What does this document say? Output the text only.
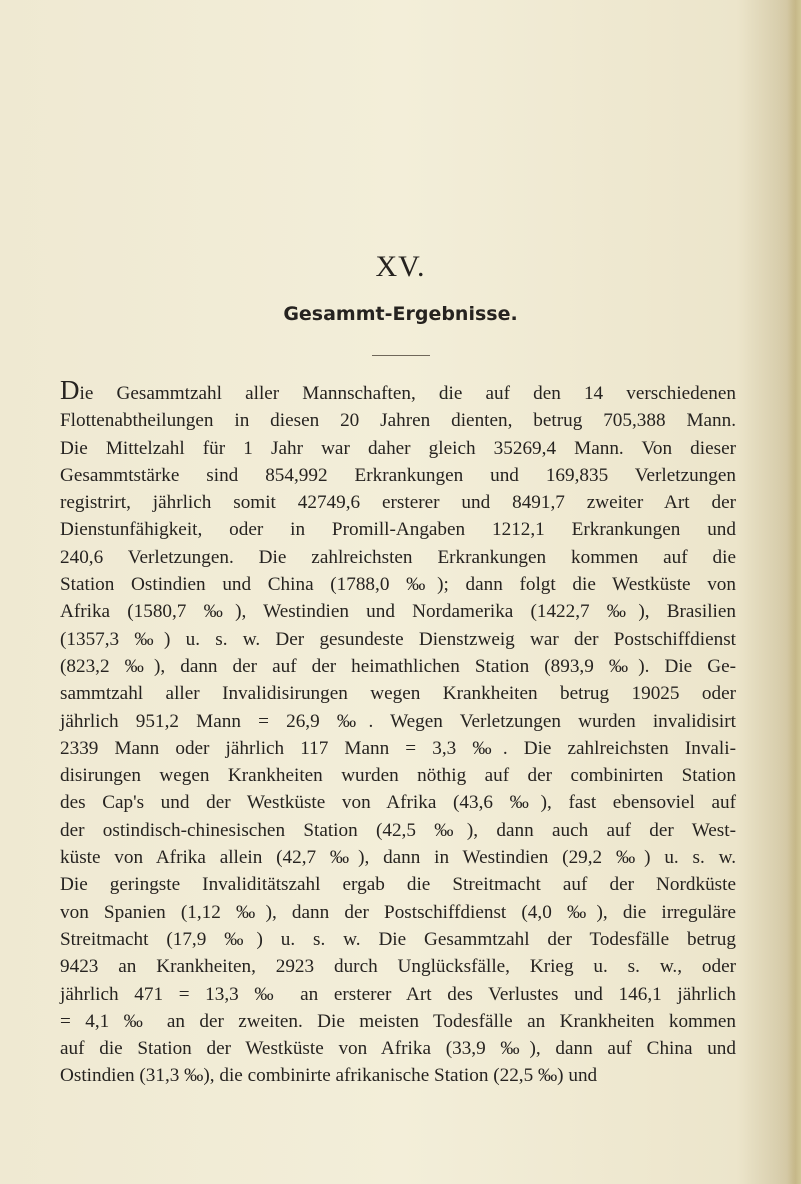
XV.
Gesammt-Ergebnisse.
Die Gesammtzahl aller Mannschaften, die auf den 14 verschiedenen
Flottenabtheilungen in diesen 20 Jahren dienten, betrug 705,388 Mann.
Die Mittelzahl für 1 Jahr war daher gleich 35269,4 Mann. Von dieser
Gesammtstärke sind 854,992 Erkrankungen und 169,835 Verletzungen
registrirt, jährlich somit 42749,6 ersterer und 8491,7 zweiter Art der
Dienstunfähigkeit, oder in Promill-Angaben 1212,1 Erkrankungen und
240,6 Verletzungen. Die zahlreichsten Erkrankungen kommen auf die
Station Ostindien und China (1788,0 ‰); dann folgt die Westküste von
Afrika (1580,7 ‰), Westindien und Nordamerika (1422,7 ‰), Brasilien
(1357,3 ‰) u. s. w. Der gesundeste Dienstzweig war der Postschiffdienst
(823,2 ‰), dann der auf der heimathlichen Station (893,9 ‰). Die Ge-
sammtzahl aller Invalidisirungen wegen Krankheiten betrug 19025 oder
jährlich 951,2 Mann = 26,9 ‰. Wegen Verletzungen wurden invalidisirt
2339 Mann oder jährlich 117 Mann = 3,3 ‰. Die zahlreichsten Invali-
disirungen wegen Krankheiten wurden nöthig auf der combinirten Station
des Cap's und der Westküste von Afrika (43,6 ‰), fast ebensoviel auf
der ostindisch-chinesischen Station (42,5 ‰), dann auch auf der West-
küste von Afrika allein (42,7 ‰), dann in Westindien (29,2 ‰) u. s. w.
Die geringste Invaliditätszahl ergab die Streitmacht auf der Nordküste
von Spanien (1,12 ‰), dann der Postschiffdienst (4,0 ‰), die irreguläre
Streitmacht (17,9 ‰) u. s. w. Die Gesammtzahl der Todesfälle betrug
9423 an Krankheiten, 2923 durch Unglücksfälle, Krieg u. s. w., oder
jährlich 471 = 13,3 ‰ an ersterer Art des Verlustes und 146,1 jährlich
= 4,1 ‰ an der zweiten. Die meisten Todesfälle an Krankheiten kommen
auf die Station der Westküste von Afrika (33,9 ‰), dann auf China und
Ostindien (31,3 ‰), die combinirte afrikanische Station (22,5 ‰) und
